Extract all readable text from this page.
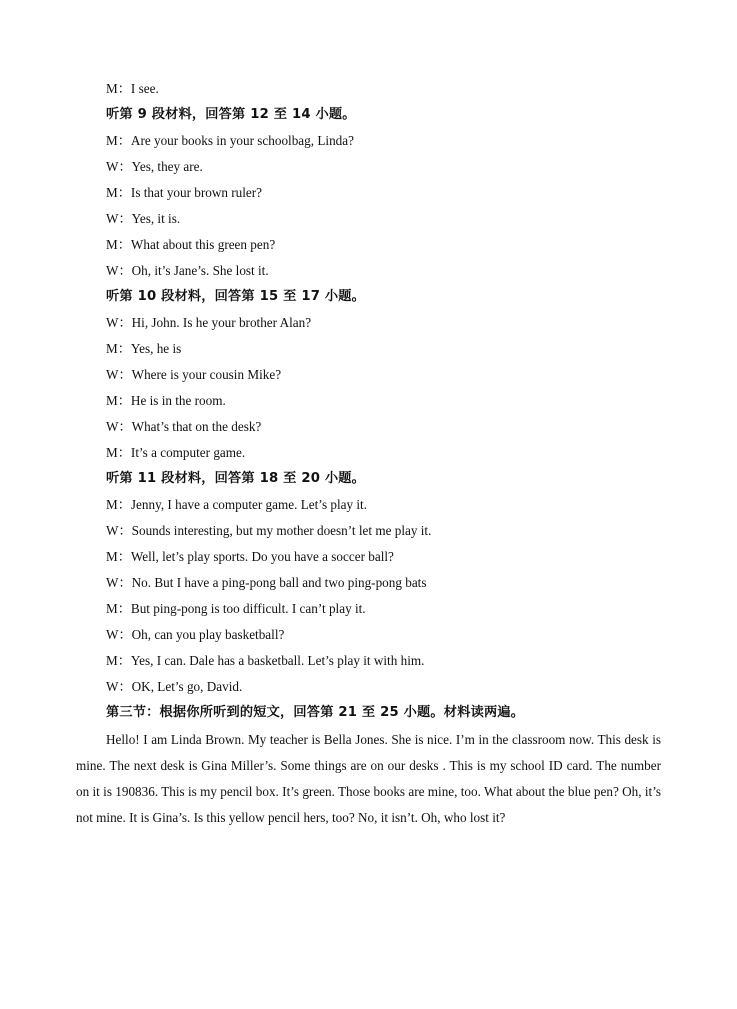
M：I see.
听第 9 段材料，回答第 12 至 14 小题。
M：Are your books in your schoolbag, Linda?
W：Yes, they are.
M：Is that your brown ruler?
W：Yes, it is.
M：What about this green pen?
W：Oh, it’s Jane’s. She lost it.
听第 10 段材料，回答第 15 至 17 小题。
W：Hi, John. Is he your brother Alan?
M：Yes, he is
W：Where is your cousin Mike?
M：He is in the room.
W：What’s that on the desk?
M：It’s a computer game.
听第 11 段材料，回答第 18 至 20 小题。
M：Jenny, I have a computer game. Let’s play it.
W：Sounds interesting, but my mother doesn’t let me play it.
M：Well, let’s play sports. Do you have a soccer ball?
W：No. But I have a ping-pong ball and two ping-pong bats
M：But ping-pong is too difficult. I can’t play it.
W：Oh, can you play basketball?
M：Yes, I can. Dale has a basketball. Let’s play it with him.
W：OK, Let’s go, David.
第三节：根据你所听到的短文，回答第 21 至 25 小题。材料读两遍。
Hello! I am Linda Brown. My teacher is Bella Jones. She is nice. I’m in the classroom now. This desk is mine. The next desk is Gina Miller’s. Some things are on our desks . This is my school ID card. The number on it is 190836. This is my pencil box. It’s green. Those books are mine, too. What about the blue pen? Oh, it’s not mine. It is Gina’s. Is this yellow pencil hers, too? No, it isn’t. Oh, who lost it?
